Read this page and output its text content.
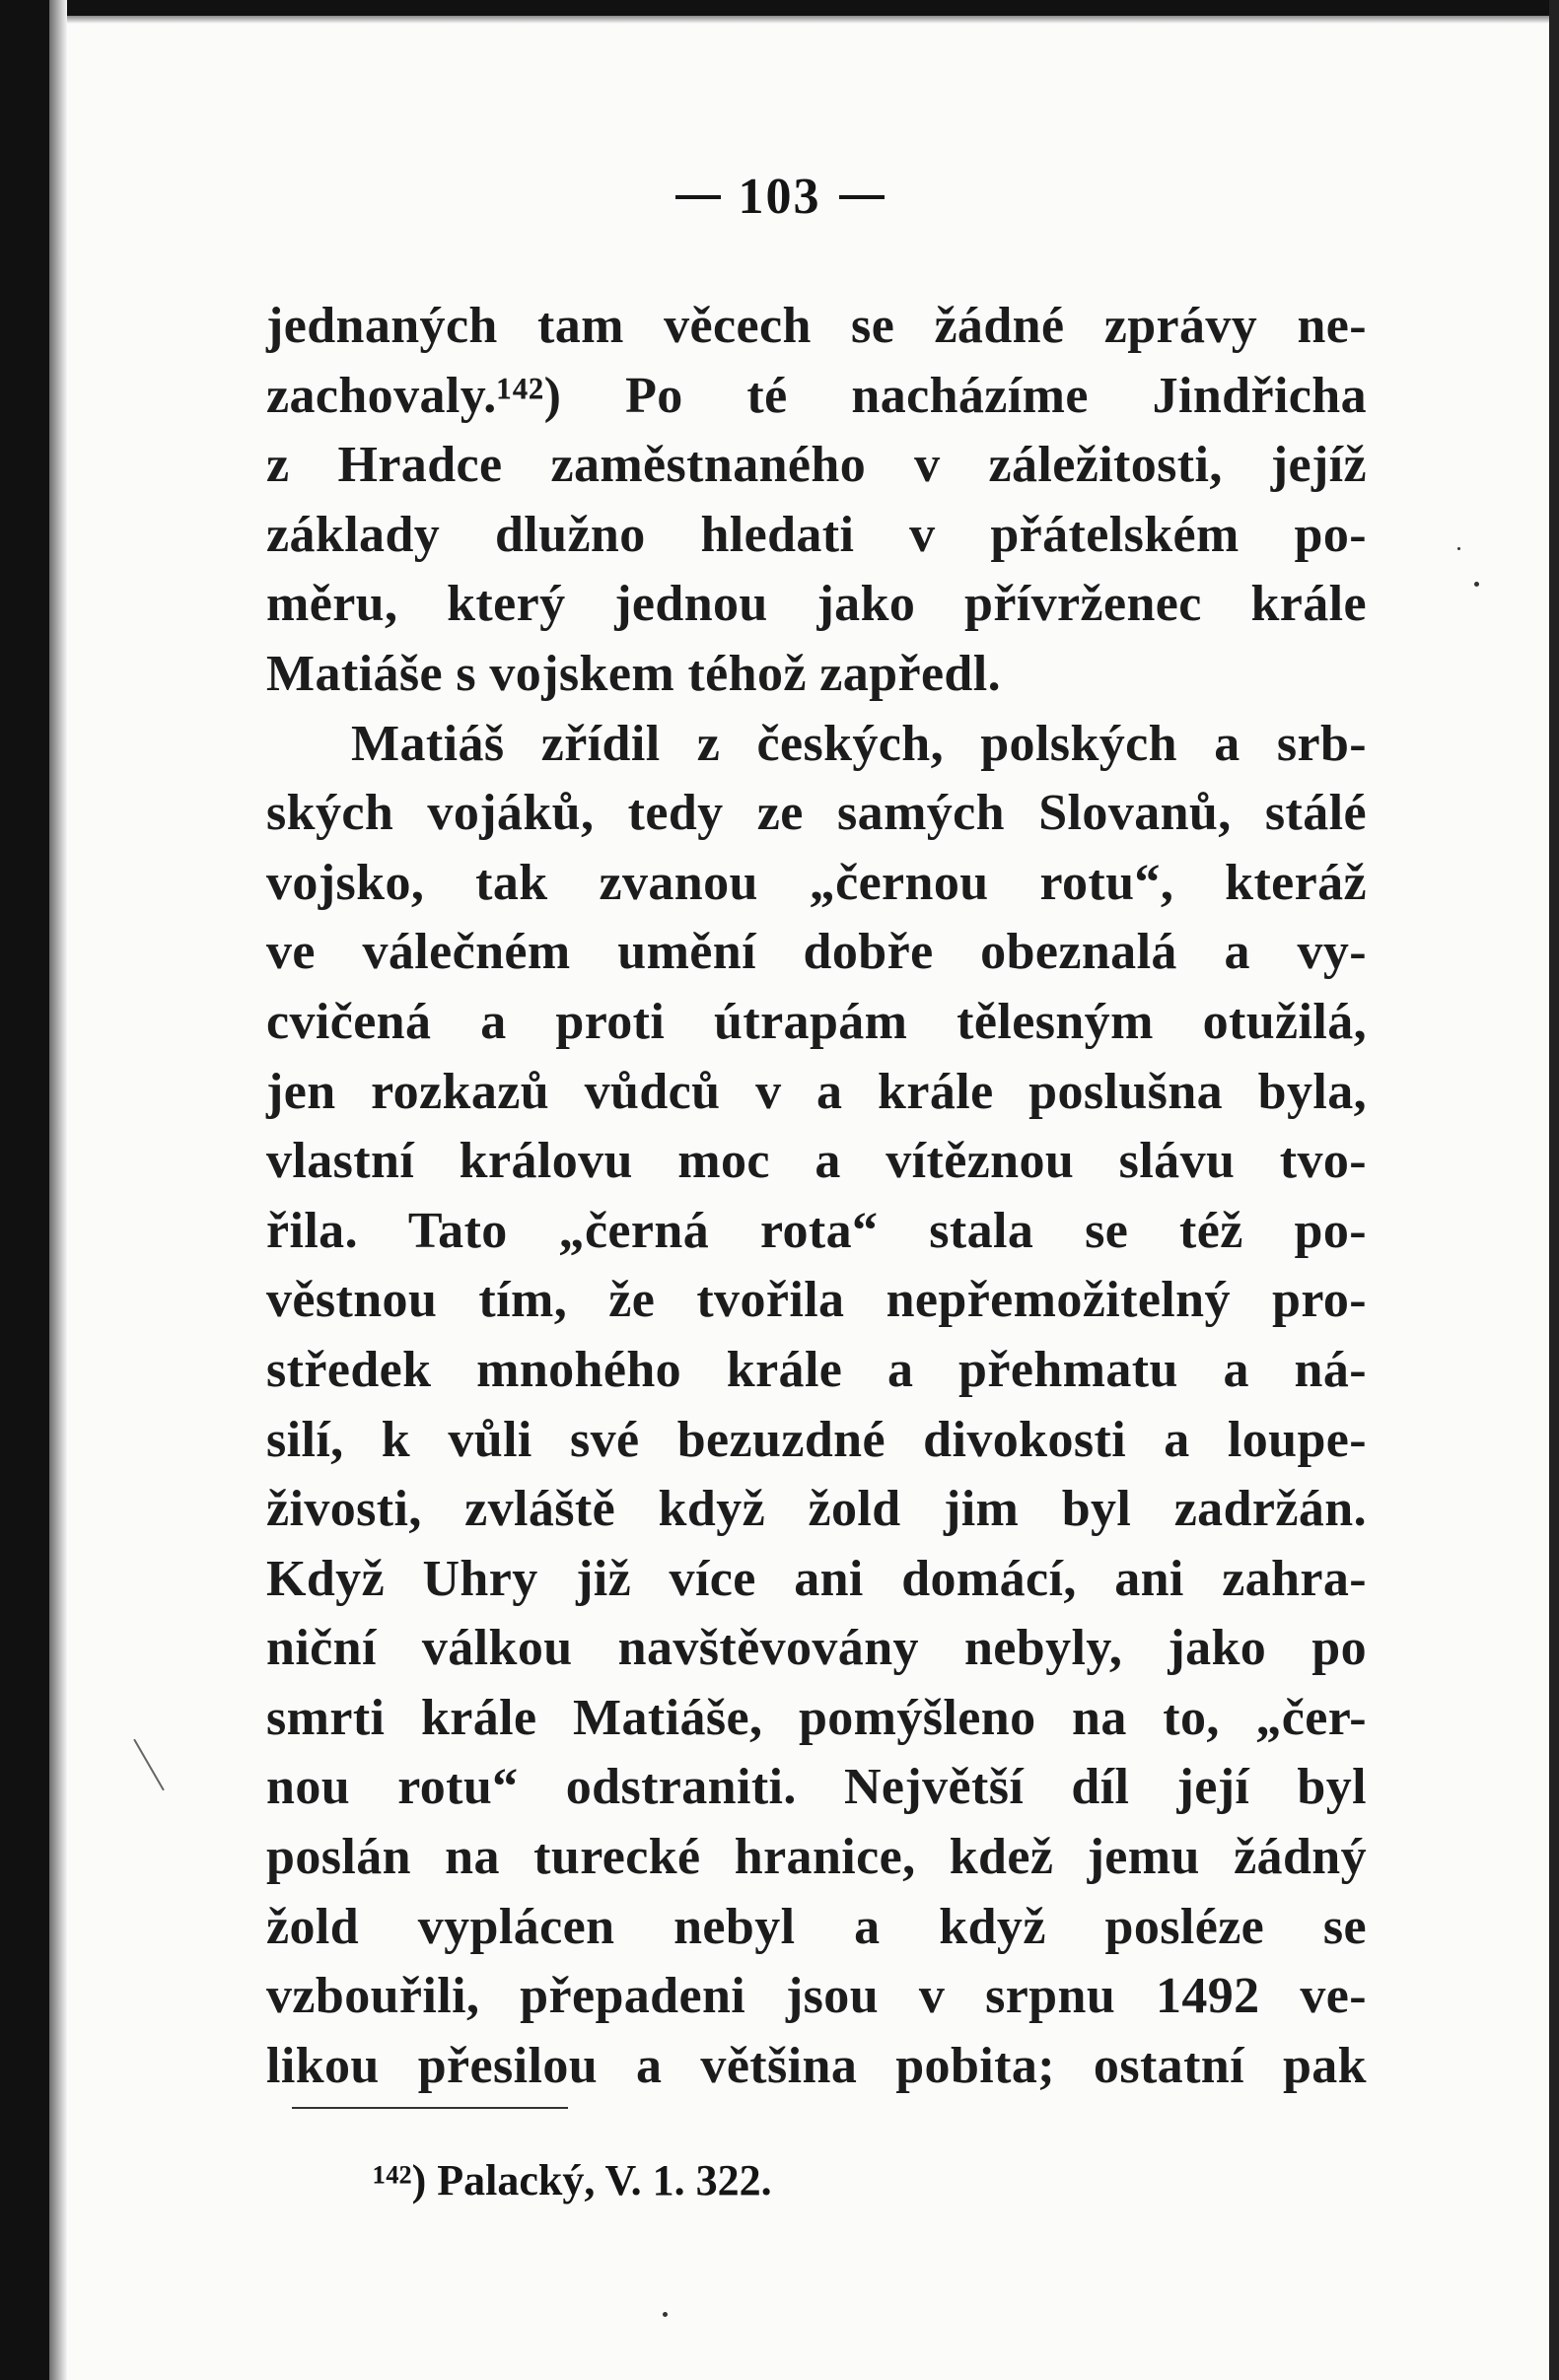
103
jednaných tam věcech se žádné zprávy ne-
zachovaly.¹⁴²) Po té nacházíme Jindřicha
z Hradce zaměstnaného v záležitosti, jejíž
základy dlužno hledati v přátelském po-
měru, který jednou jako přívrženec krále
Matiáše s vojskem téhož zapředl.
Matiáš zřídil z českých, polských a srb-
ských vojáků, tedy ze samých Slovanů, stálé
vojsko, tak zvanou „černou rotu“, kteráž
ve válečném umění dobře obeznalá a vy-
cvičená a proti útrapám tělesným otužilá,
jen rozkazů vůdců v a krále poslušna byla,
vlastní královu moc a vítěznou slávu tvo-
řila. Tato „černá rota“ stala se též po-
věstnou tím, že tvořila nepřemožitelný pro-
středek mnohého krále a přehmatu a ná-
silí, k vůli své bezuzdné divokosti a loupe-
živosti, zvláště když žold jim byl zadržán.
Když Uhry již více ani domácí, ani zahra-
niční válkou navštěvovány nebyly, jako po
smrti krále Matiáše, pomýšleno na to, „čer-
nou rotu“ odstraniti. Největší díl její byl
poslán na turecké hranice, kdež jemu žádný
žold vyplácen nebyl a když posléze se
vzbouřili, přepadeni jsou v srpnu 1492 ve-
likou přesilou a většina pobita; ostatní pak
¹⁴²) Palacký, V. 1. 322.
